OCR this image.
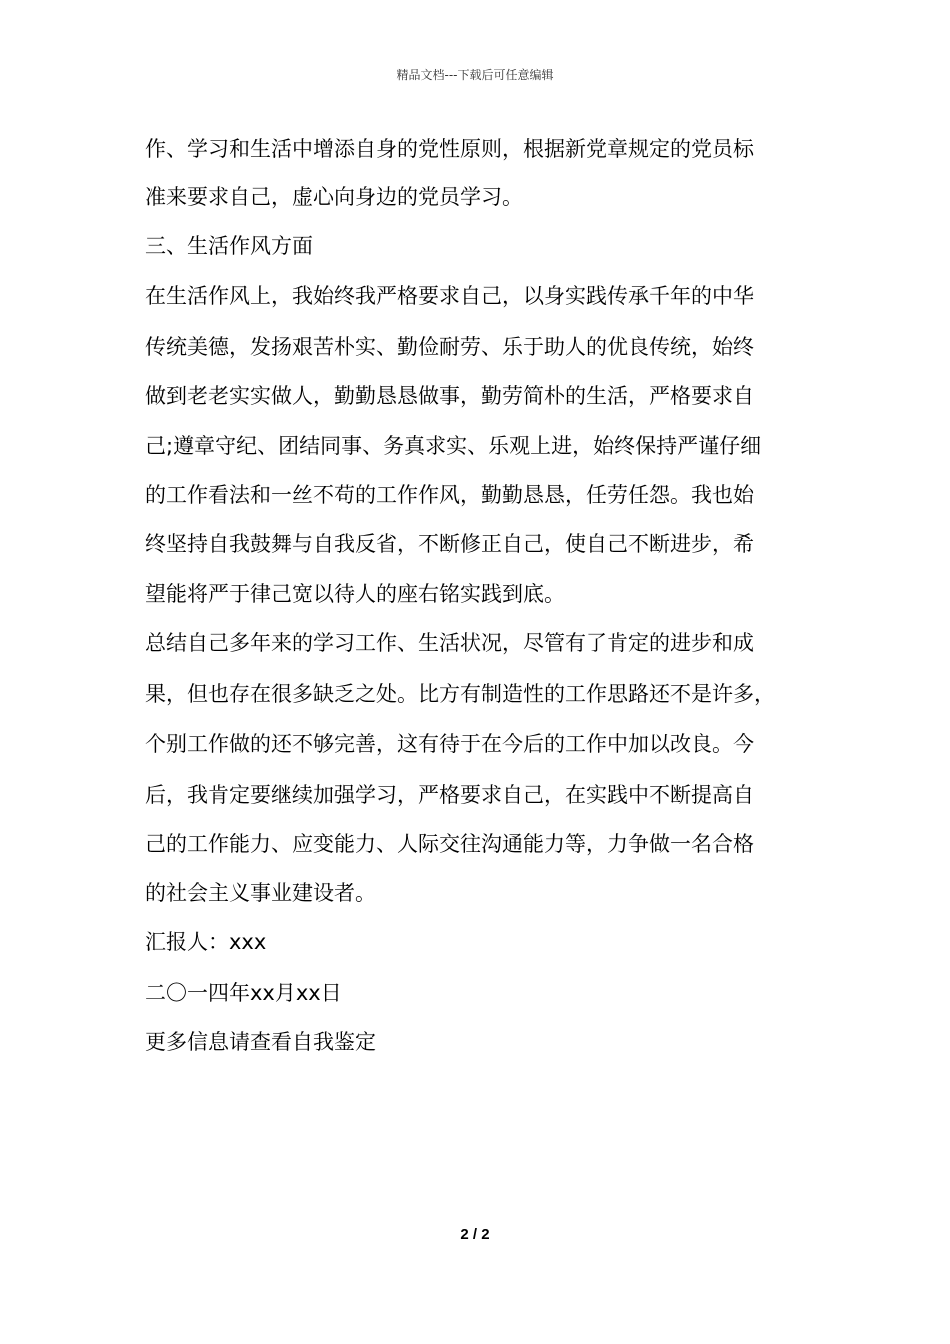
精品文档---下载后可任意编辑
作、学习和生活中增添自身的党性原则，根据新党章规定的党员标
准来要求自己，虚心向身边的党员学习。
三、生活作风方面
在生活作风上，我始终我严格要求自己，以身实践传承千年的中华
传统美德，发扬艰苦朴实、勤俭耐劳、乐于助人的优良传统，始终
做到老老实实做人，勤勤恳恳做事，勤劳简朴的生活，严格要求自
己;遵章守纪、团结同事、务真求实、乐观上进，始终保持严谨仔细
的工作看法和一丝不苟的工作作风，勤勤恳恳，任劳任怨。我也始
终坚持自我鼓舞与自我反省，不断修正自己，使自己不断进步，希
望能将严于律己宽以待人的座右铭实践到底。
总结自己多年来的学习工作、生活状况，尽管有了肯定的进步和成
果，但也存在很多缺乏之处。比方有制造性的工作思路还不是许多，
个别工作做的还不够完善，这有待于在今后的工作中加以改良。今
后，我肯定要继续加强学习，严格要求自己，在实践中不断提高自
己的工作能力、应变能力、人际交往沟通能力等，力争做一名合格
的社会主义事业建设者。
汇报人：xxx
二〇一四年xx月xx日
更多信息请查看自我鉴定
2 / 2
